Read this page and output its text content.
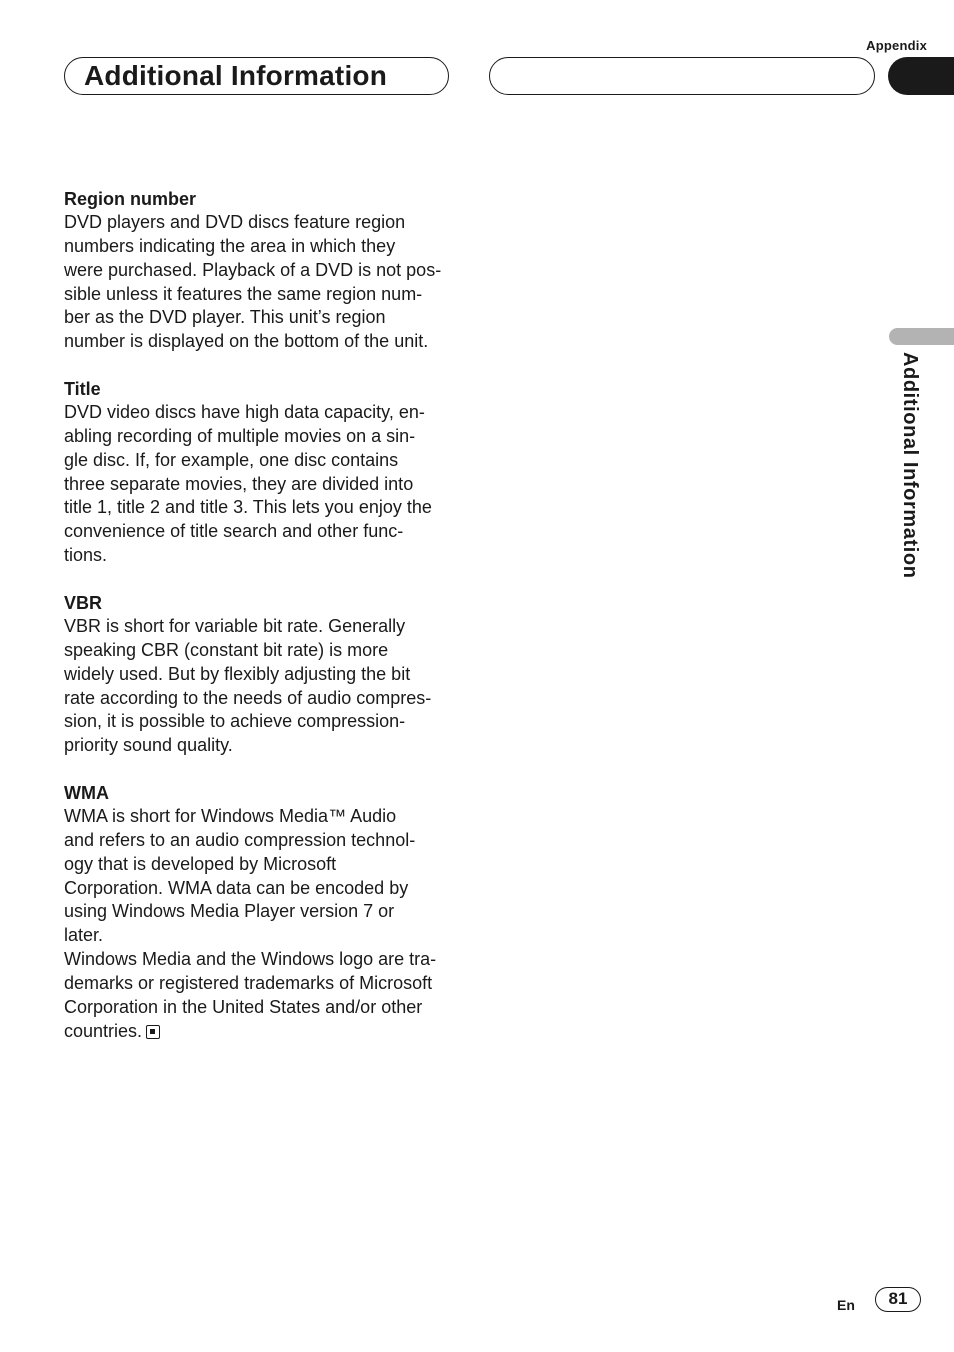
Appendix
Additional Information
Additional Information
Region number

DVD players and DVD discs feature region
numbers indicating the area in which they
were purchased. Playback of a DVD is not pos-
sible unless it features the same region num-
ber as the DVD player. This unit’s region
number is displayed on the bottom of the unit.

Title

DVD video discs have high data capacity, en-
abling recording of multiple movies on a sin-
gle disc. If, for example, one disc contains
three separate movies, they are divided into
title 1, title 2 and title 3. This lets you enjoy the
convenience of title search and other func-
tions.

VBR

VBR is short for variable bit rate. Generally
speaking CBR (constant bit rate) is more
widely used. But by flexibly adjusting the bit
rate according to the needs of audio compres-
sion, it is possible to achieve compression-
priority sound quality.

WMA

WMA is short for Windows Media™ Audio
and refers to an audio compression technol-
ogy that is developed by Microsoft
Corporation. WMA data can be encoded by
using Windows Media Player version 7 or
later.
Windows Media and the Windows logo are tra-
demarks or registered trademarks of Microsoft
Corporation in the United States and/or other
countries.

En	81
